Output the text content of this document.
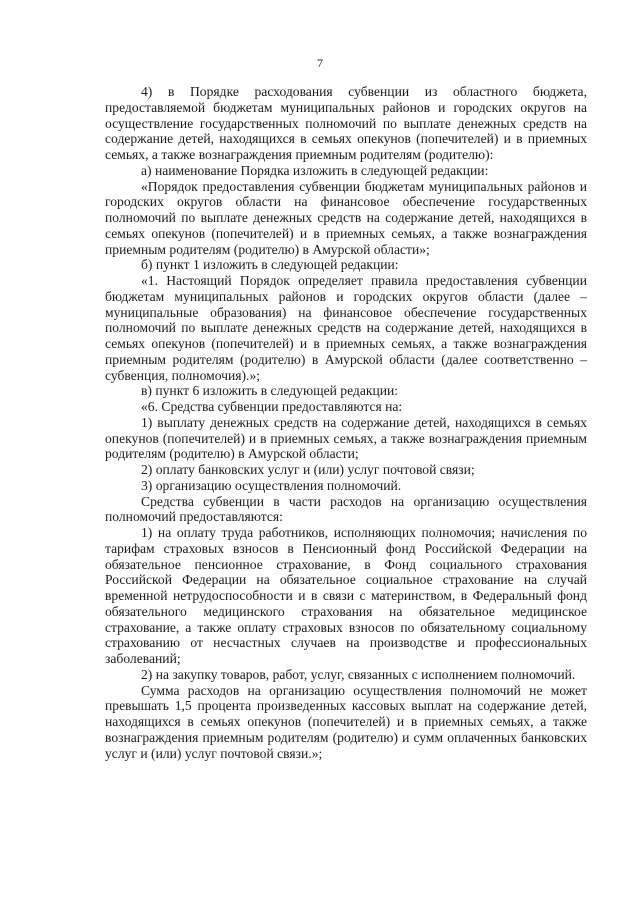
7

4) в Порядке расходования субвенции из областного бюджета, предоставляемой бюджетам муниципальных районов и городских округов на осуществление государственных полномочий по выплате денежных средств на содержание детей, находящихся в семьях опекунов (попечителей) и в приемных семьях, а также вознаграждения приемным родителям (родителю):

а) наименование Порядка изложить в следующей редакции:

«Порядок предоставления субвенции бюджетам муниципальных районов и городских округов области на финансовое обеспечение государственных полномочий по выплате денежных средств на содержание детей, находящихся в семьях опекунов (попечителей) и в приемных семьях, а также вознаграждения приемным родителям (родителю) в Амурской области»;

б) пункт 1 изложить в следующей редакции:

«1. Настоящий Порядок определяет правила предоставления субвенции бюджетам муниципальных районов и городских округов области (далее – муниципальные образования) на финансовое обеспечение государственных полномочий по выплате денежных средств на содержание детей, находящихся в семьях опекунов (попечителей) и в приемных семьях, а также вознаграждения приемным родителям (родителю) в Амурской области (далее соответственно – субвенция, полномочия).»;

в) пункт 6 изложить в следующей редакции:

«6. Средства субвенции предоставляются на:

1) выплату денежных средств на содержание детей, находящихся в семьях опекунов (попечителей) и в приемных семьях, а также вознаграждения приемным родителям (родителю) в Амурской области;

2) оплату банковских услуг и (или) услуг почтовой связи;

3) организацию осуществления полномочий.

Средства субвенции в части расходов на организацию осуществления полномочий предоставляются:

1) на оплату труда работников, исполняющих полномочия; начисления по тарифам страховых взносов в Пенсионный фонд Российской Федерации на обязательное пенсионное страхование, в Фонд социального страхования Российской Федерации на обязательное социальное страхование на случай временной нетрудоспособности и в связи с материнством, в Федеральный фонд обязательного медицинского страхования на обязательное медицинское страхование, а также оплату страховых взносов по обязательному социальному страхованию от несчастных случаев на производстве и профессиональных заболеваний;

2) на закупку товаров, работ, услуг, связанных с исполнением полномочий.

Сумма расходов на организацию осуществления полномочий не может превышать 1,5 процента произведенных кассовых выплат на содержание детей, находящихся в семьях опекунов (попечителей) и в приемных семьях, а также вознаграждения приемным родителям (родителю) и сумм оплаченных банковских услуг и (или) услуг почтовой связи.»;
